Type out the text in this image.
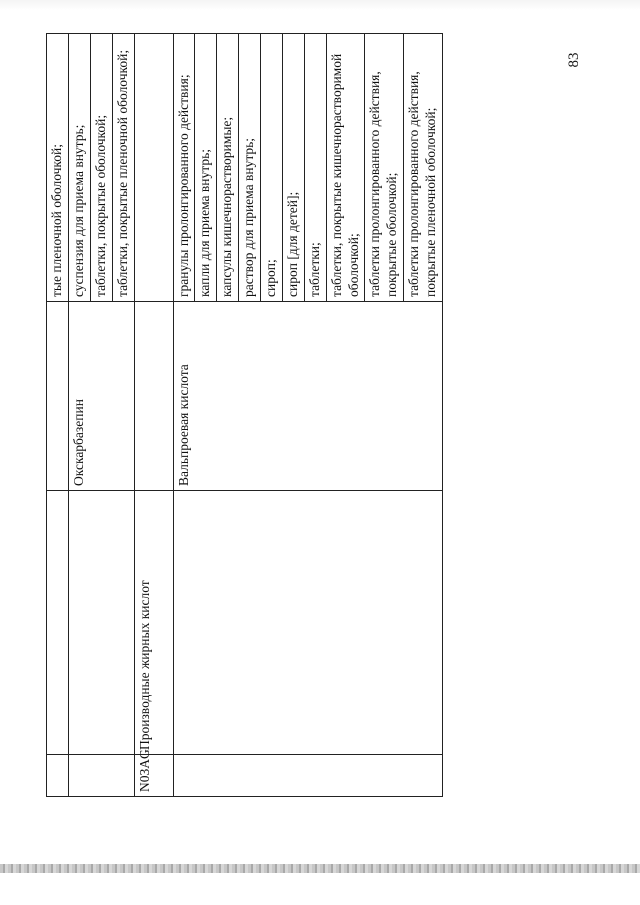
83
			тые пленочной оболочкой;
		Окскарбазепин	суспензия для приема внутрь;
			таблетки, покрытые оболочкой;
			таблетки, покрытые пленочной оболочкой;
N03AG	Производные жирных кислот		
		Вальпроевая кислота	гранулы пролонгированного действия;
			капли для приема внутрь;
			капсулы кишечнорастворимые;
			раствор для приема внутрь;
			сироп;
			сироп [для детей];
			таблетки;
			таблетки, покрытые кишечнорастворимой оболочкой;
			таблетки пролонгированного действия, покрытые оболочкой;
			таблетки пролонгированного действия, покрытые пленочной оболочкой;
